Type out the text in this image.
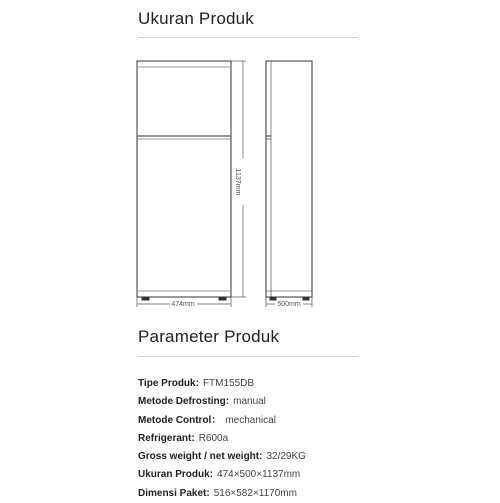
Ukuran Produk
1137mm
474mm	500mm
Parameter Produk
Tipe Produk: FTM155DB
Metode Defrosting: manual
Metode Control： mechanical
Refrigerant: R600a
Gross weight / net weight: 32/29KG
Ukuran Produk: 474×500×1137mm
Dimensi Paket: 516×582×1170mm
